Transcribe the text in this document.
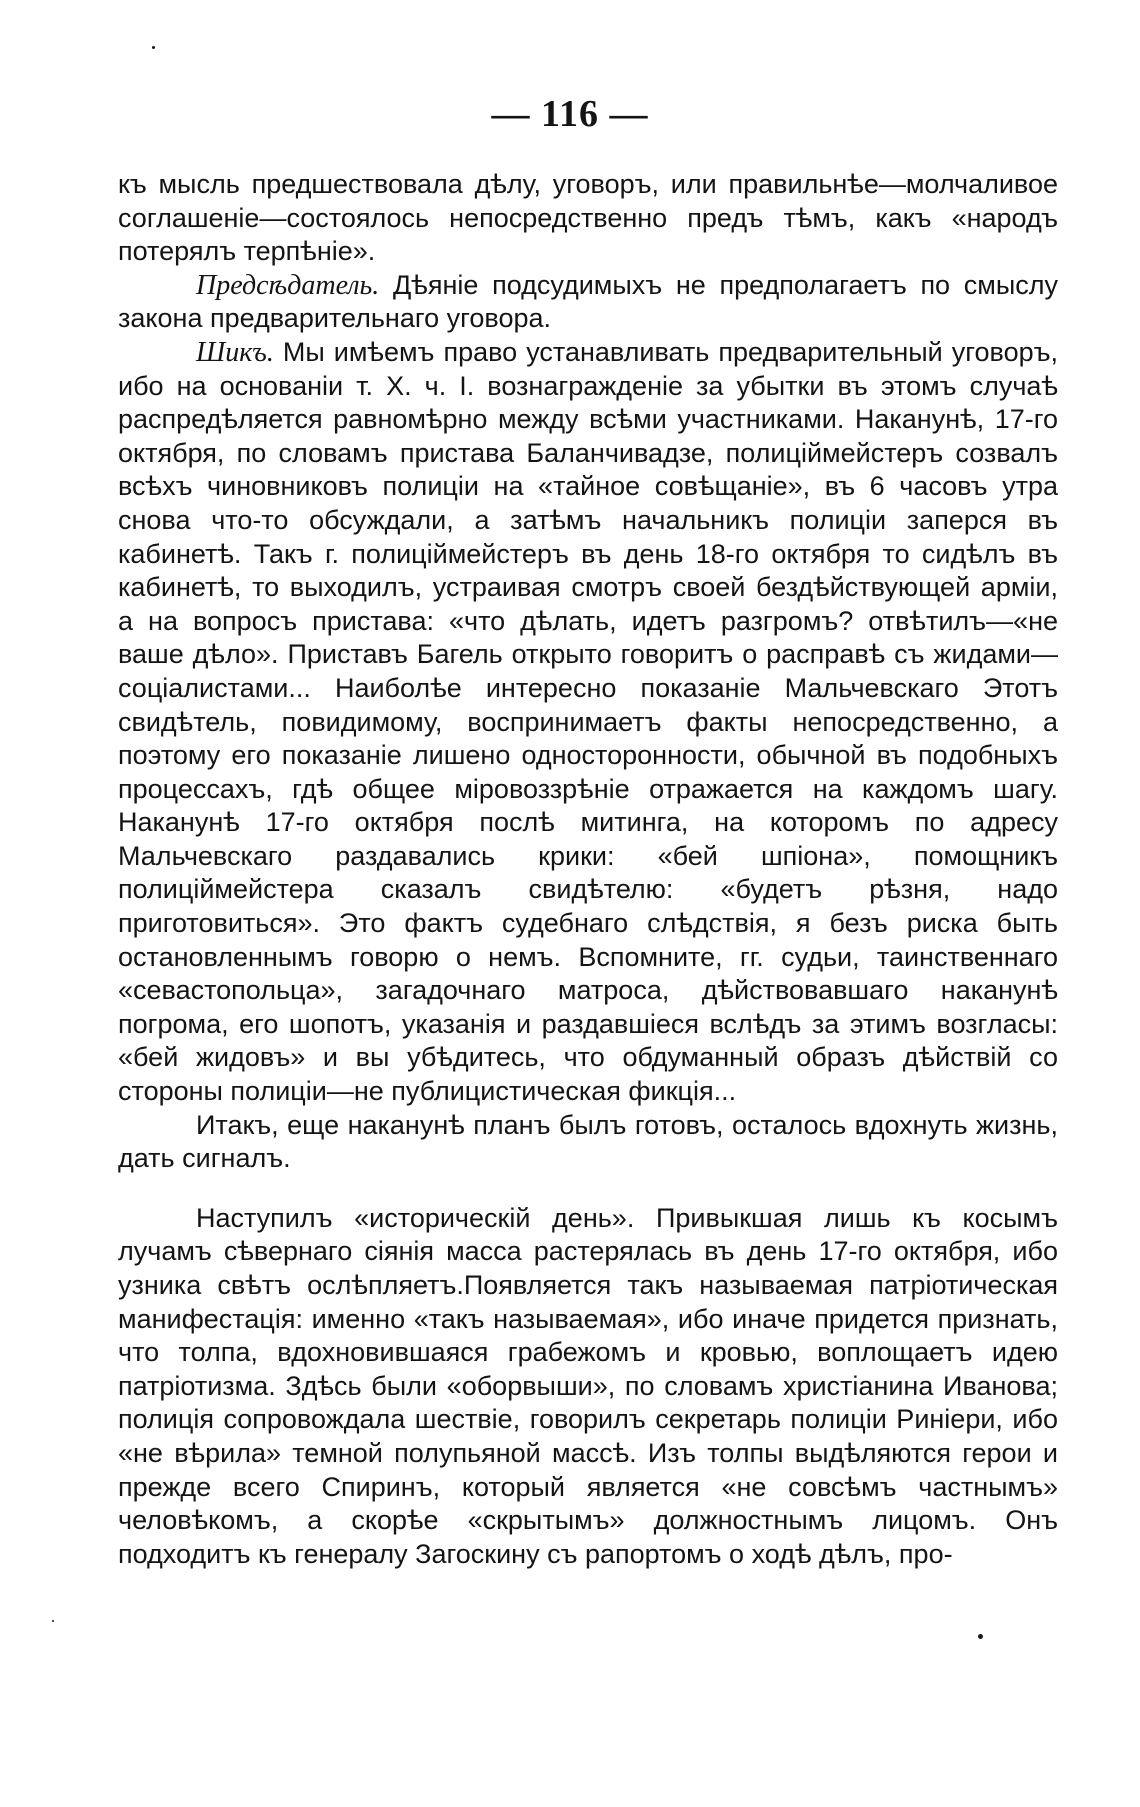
— 116 —

къ мысль предшествовала дѣлу, уговоръ, или правильнѣе—молчаливое соглашеніе—состоялось непосредственно предъ тѣмъ, какъ «народъ потерялъ терпѣніе».

Предсѣдатель. Дѣяніе подсудимыхъ не предполагаетъ по смыслу закона предварительнаго уговора.

Шикъ. Мы имѣемъ право устанавливать предварительный уговоръ, ибо на основаніи т. X. ч. I. вознагражденіе за убытки въ этомъ случаѣ распредѣляется равномѣрно между всѣми участниками. Наканунѣ, 17-го октября, по словамъ пристава Баланчивадзе, полиціймейстеръ созвалъ всѣхъ чиновниковъ полиціи на «тайное совѣщаніе», въ 6 часовъ утра снова что-то обсуждали, а затѣмъ начальникъ полиціи заперся въ кабинетѣ. Такъ г. полиціймейстеръ въ день 18-го октября то сидѣлъ въ кабинетѣ, то выходилъ, устраивая смотръ своей бездѣйствующей арміи, а на вопросъ пристава: «что дѣлать, идетъ разгромъ? отвѣтилъ—«не ваше дѣло». Приставъ Багель открыто говоритъ о расправѣ съ жидами—соціалистами... Наиболѣе интересно показаніе Мальчевскаго Этотъ свидѣтель, повидимому, воспринимаетъ факты непосредственно, а поэтому его показаніе лишено односторонности, обычной въ подобныхъ процессахъ, гдѣ общее міровоззрѣніе отражается на каждомъ шагу. Наканунѣ 17-го октября послѣ митинга, на которомъ по адресу Мальчевскаго раздавались крики: «бей шпіона», помощникъ полиціймейстера сказалъ свидѣтелю: «будетъ рѣзня, надо приготовиться». Это фактъ судебнаго слѣдствія, я безъ риска быть остановленнымъ говорю о немъ. Вспомните, гг. судьи, таинственнаго «севастопольца», загадочнаго матроса, дѣйствовавшаго наканунѣ погрома, его шопотъ, указанія и раздавшіеся вслѣдъ за этимъ возгласы: «бей жидовъ» и вы убѣдитесь, что обдуманный образъ дѣйствій со стороны полиціи—не публицистическая фикція...

Итакъ, еще наканунѣ планъ былъ готовъ, осталось вдохнуть жизнь, дать сигналъ.

Наступилъ «историческій день». Привыкшая лишь къ косымъ лучамъ сѣвернаго сіянія масса растерялась въ день 17-го октября, ибо узника свѣтъ ослѣпляетъ.Появляется такъ называемая патріотическая манифестація: именно «такъ называемая», ибо иначе придется признать, что толпа, вдохновившаяся грабежомъ и кровью, воплощаетъ идею патріотизма. Здѣсь были «оборвыши», по словамъ христіанина Иванова; полиція сопровождала шествіе, говорилъ секретарь полиціи Риніери, ибо «не вѣрила» темной полупьяной массѣ. Изъ толпы выдѣляются герои и прежде всего Спиринъ, который является «не совсѣмъ частнымъ» человѣкомъ, а скорѣе «скрытымъ» должностнымъ лицомъ. Онъ подходитъ къ генералу Загоскину съ рапортомъ о ходѣ дѣлъ, про-
